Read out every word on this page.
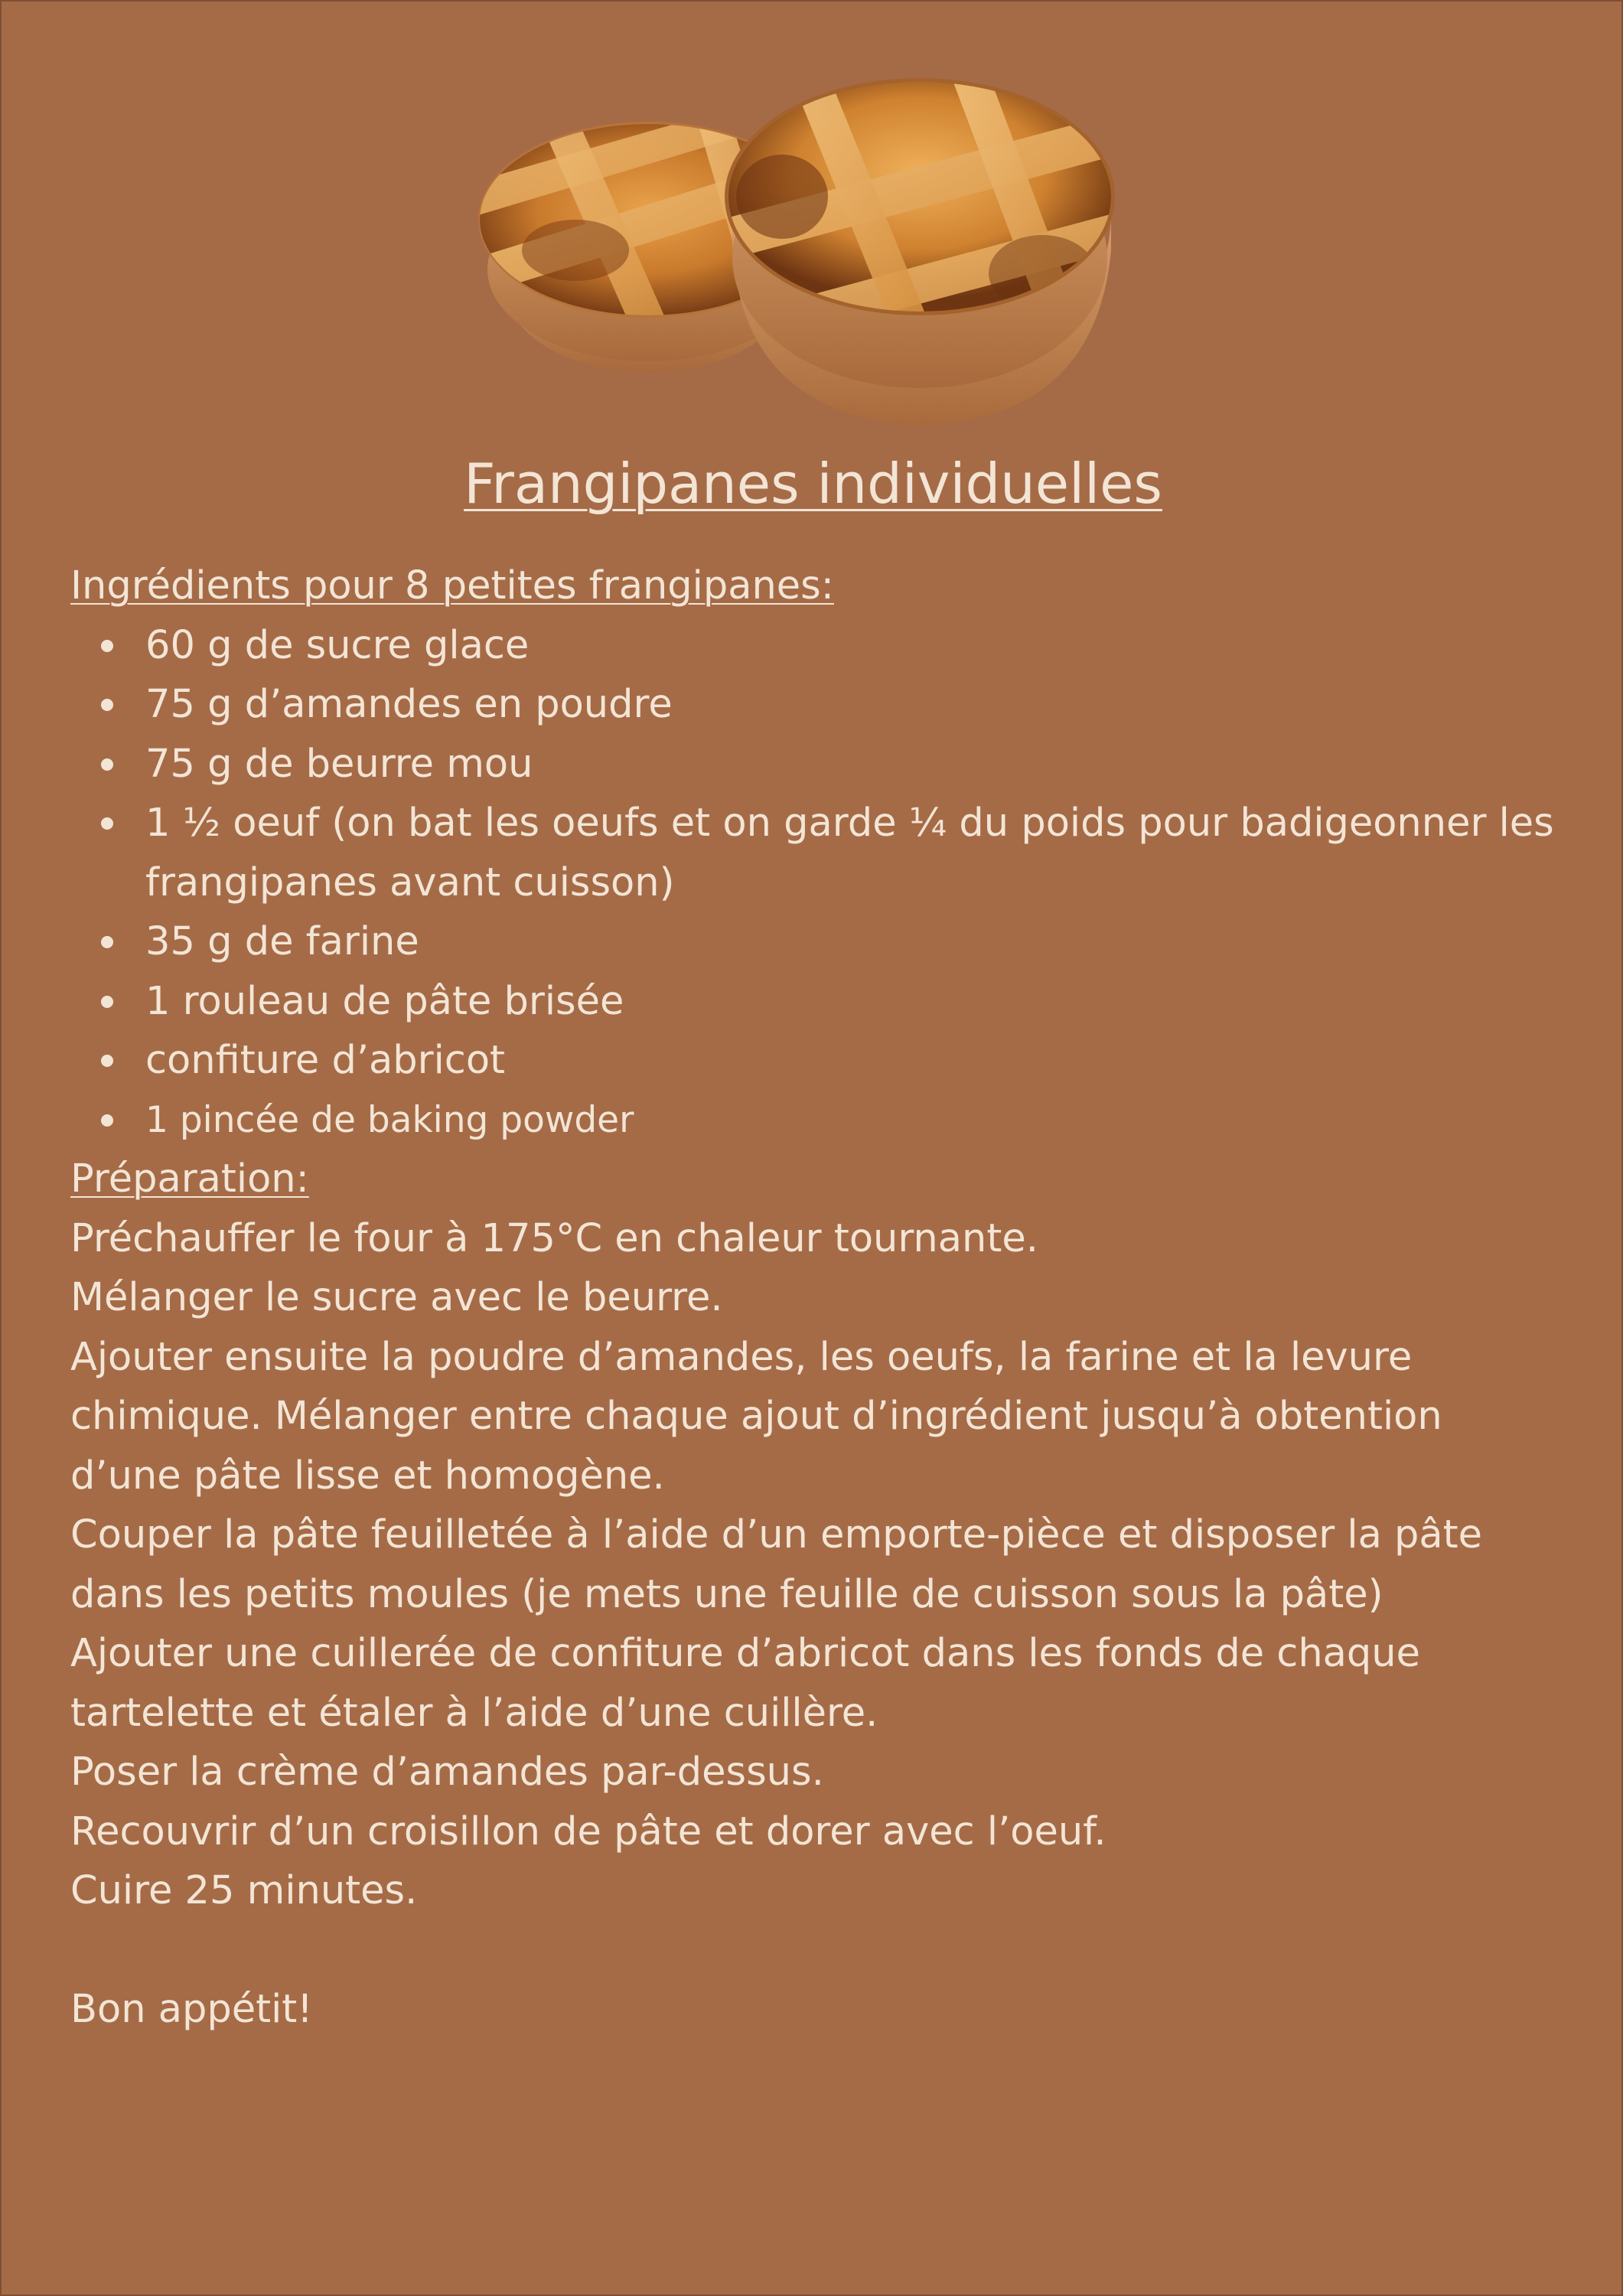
Frangipanes individuelles
Ingrédients pour 8 petites frangipanes:
60 g de sucre glace
75 g d’amandes en poudre
75 g de beurre mou
1 ½ oeuf (on bat les oeufs et on garde ¼ du poids pour badigeonner les frangipanes avant cuisson)
35 g de farine
1 rouleau de pâte brisée
confiture d’abricot
1 pincée de baking powder
Préparation:

Préchauffer le four à 175°C en chaleur tournante.

Mélanger le sucre avec le beurre.

Ajouter ensuite la poudre d’amandes, les oeufs, la farine et la levure chimique. Mélanger entre chaque ajout d’ingrédient jusqu’à obtention d’une pâte lisse et homogène.

Couper la pâte feuilletée à l’aide d’un emporte-pièce et disposer la pâte dans les petits moules (je mets une feuille de cuisson sous la pâte)

Ajouter une cuillerée de confiture d’abricot dans les fonds de chaque tartelette et étaler à l’aide d’une cuillère.

Poser la crème d’amandes par-dessus.

Recouvrir d’un croisillon de pâte et dorer avec l’oeuf.

Cuire 25 minutes.

Bon appétit!
